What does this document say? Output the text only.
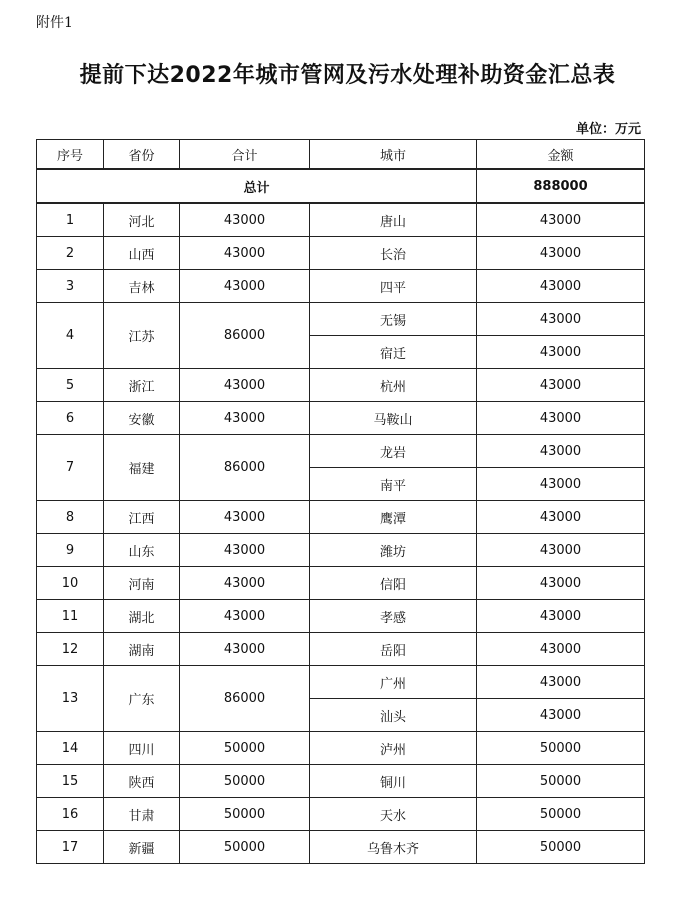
附件1
提前下达2022年城市管网及污水处理补助资金汇总表
单位：万元
序号	省份	合计	城市	金额
总计				888000
1	河北	43000	唐山	43000
2	山西	43000	长治	43000
3	吉林	43000	四平	43000
4	江苏	86000	无锡	43000
			宿迁	43000
5	浙江	43000	杭州	43000
6	安徽	43000	马鞍山	43000
7	福建	86000	龙岩	43000
			南平	43000
8	江西	43000	鹰潭	43000
9	山东	43000	潍坊	43000
10	河南	43000	信阳	43000
11	湖北	43000	孝感	43000
12	湖南	43000	岳阳	43000
13	广东	86000	广州	43000
			汕头	43000
14	四川	50000	泸州	50000
15	陕西	50000	铜川	50000
16	甘肃	50000	天水	50000
17	新疆	50000	乌鲁木齐	50000
